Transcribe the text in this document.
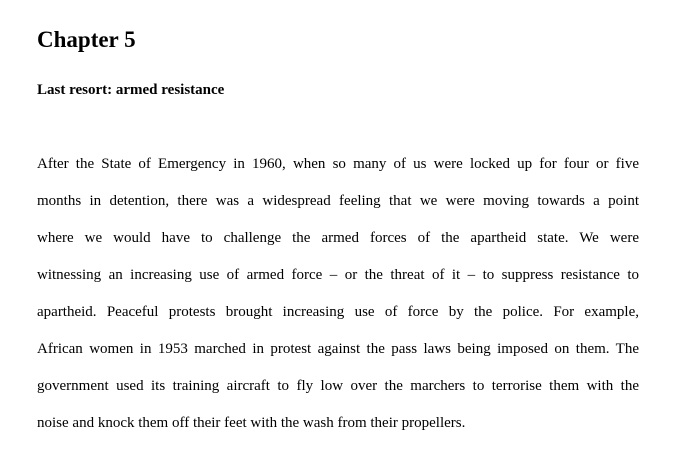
Chapter 5
Last resort: armed resistance
After the State of Emergency in 1960, when so many of us were locked up for four or five
months in detention, there was a widespread feeling that we were moving towards a point
where we would have to challenge the armed forces of the apartheid state. We were
witnessing an increasing use of armed force – or the threat of it – to suppress resistance to
apartheid. Peaceful protests brought increasing use of force by the police. For example,
African women in 1953 marched in protest against the pass laws being imposed on them. The
government used its training aircraft to fly low over the marchers to terrorise them with the
noise and knock them off their feet with the wash from their propellers.
